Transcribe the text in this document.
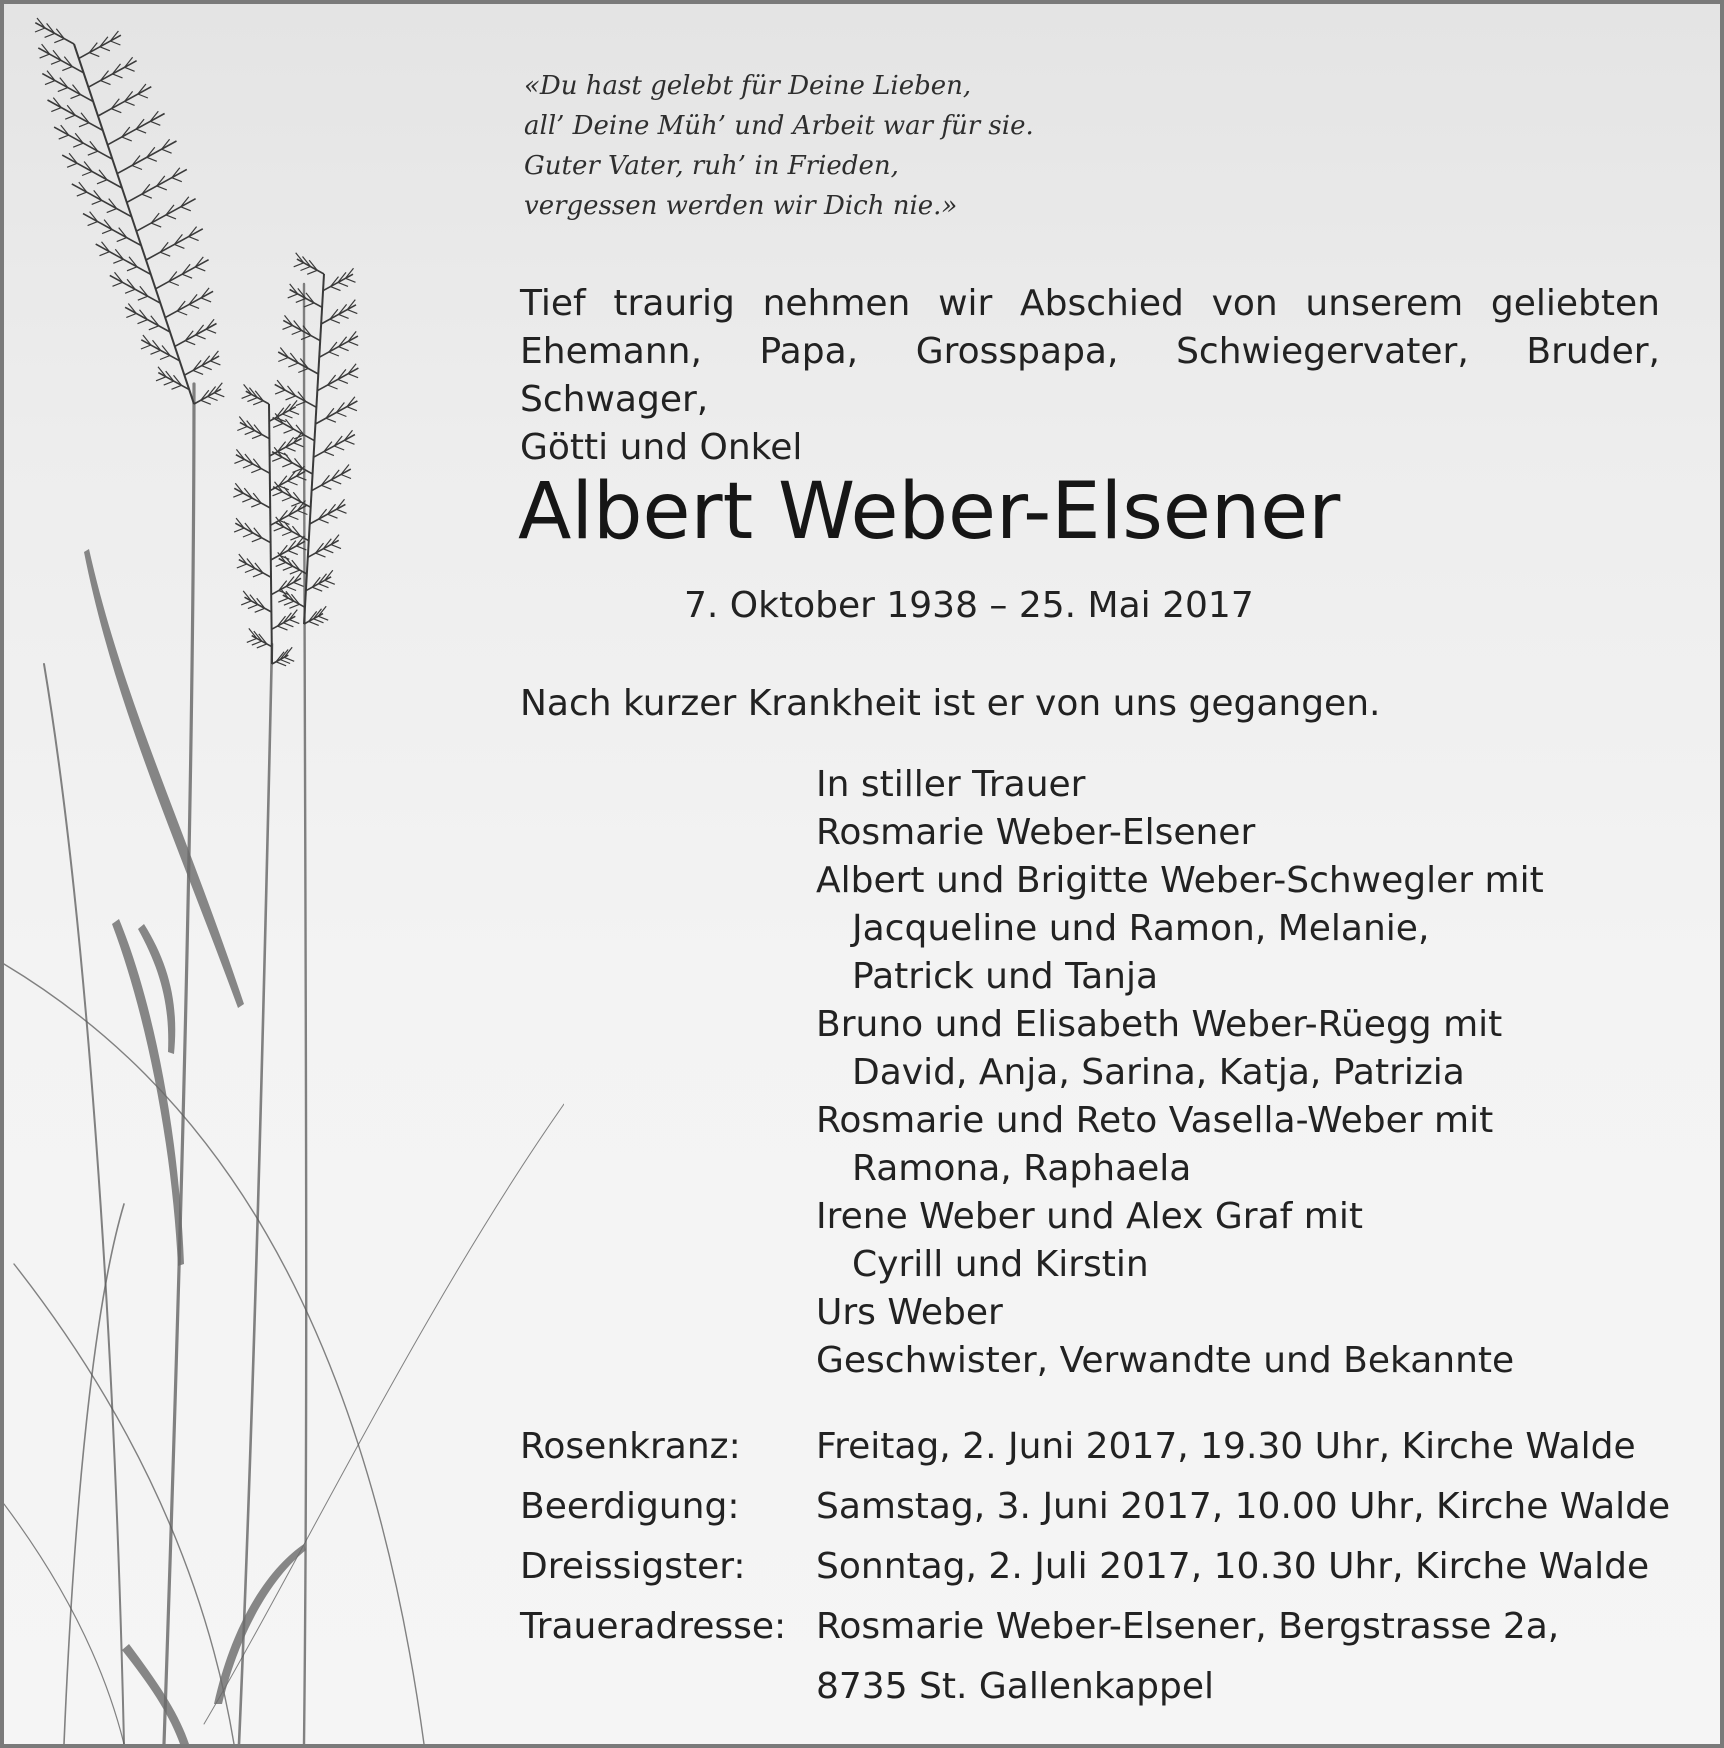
«Du hast gelebt für Deine Lieben,
all’ Deine Müh’ und Arbeit war für sie.
Guter Vater, ruh’ in Frieden,
vergessen werden wir Dich nie.»
Tief traurig nehmen wir Abschied von unserem geliebten
Ehemann, Papa, Grosspapa, Schwiegervater, Bruder, Schwager,
Götti und Onkel
Albert Weber-Elsener
7. Oktober 1938 – 25. Mai 2017
Nach kurzer Krankheit ist er von uns gegangen.
In stiller Trauer
Rosmarie Weber-Elsener
Albert und Brigitte Weber-Schwegler mit
Jacqueline und Ramon, Melanie,
Patrick und Tanja
Bruno und Elisabeth Weber-Rüegg mit
David, Anja, Sarina, Katja, Patrizia
Rosmarie und Reto Vasella-Weber mit
Ramona, Raphaela
Irene Weber und Alex Graf mit
Cyrill und Kirstin
Urs Weber
Geschwister, Verwandte und Bekannte
Rosenkranz:	Freitag, 2. Juni 2017, 19.30 Uhr, Kirche Walde
Beerdigung:	Samstag, 3. Juni 2017, 10.00 Uhr, Kirche Walde
Dreissigster:	Sonntag, 2. Juli 2017, 10.30 Uhr, Kirche Walde
Traueradresse: Rosmarie Weber-Elsener, Bergstrasse 2a,
8735 St. Gallenkappel
